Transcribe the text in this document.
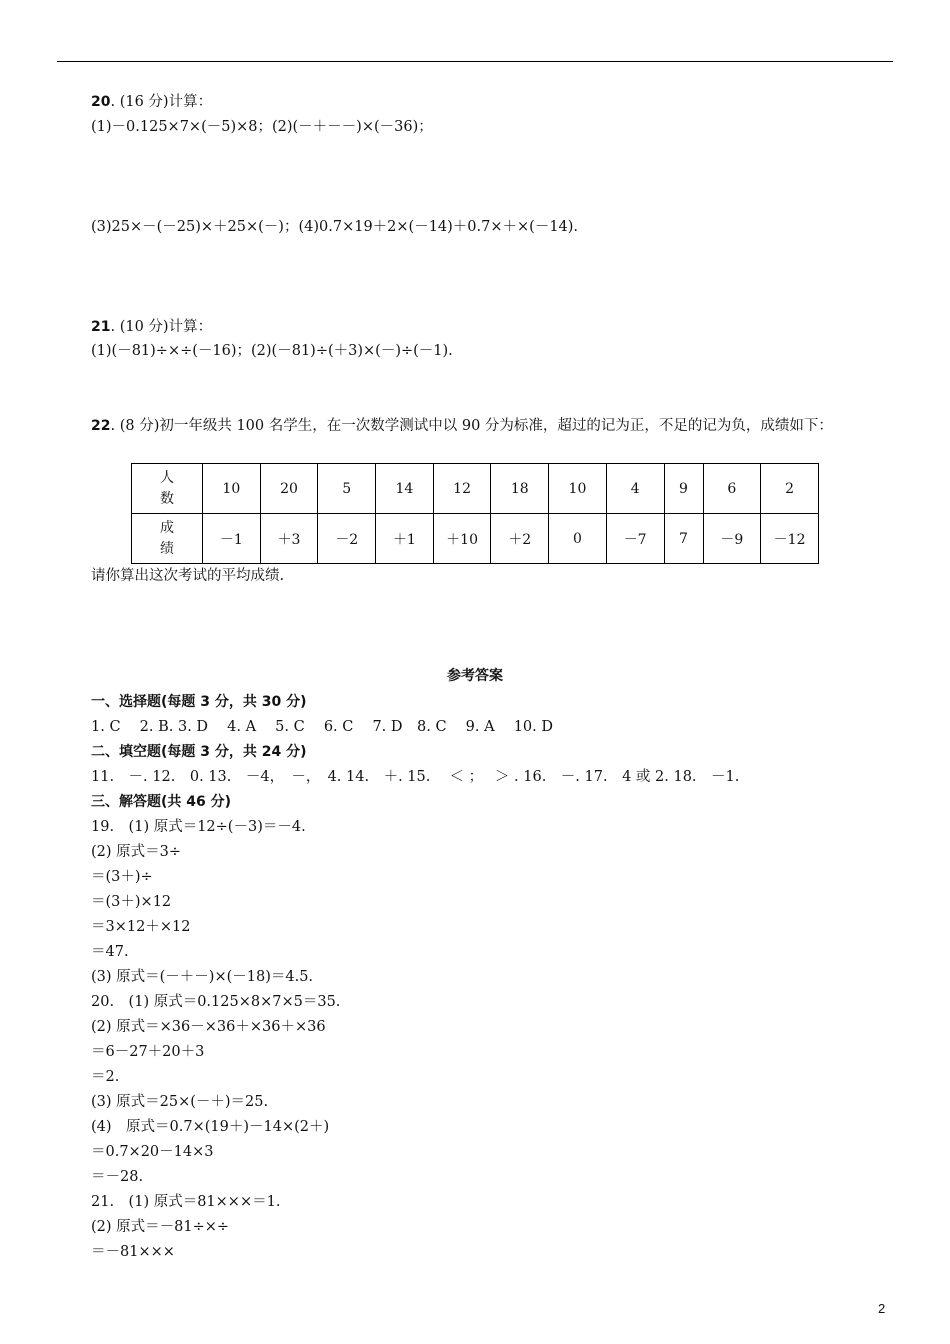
20. (16 分)计算：
(1)－0.125×7×(－5)×8；(2)(－＋－－)×(－36)；
(3)25×－(－25)×＋25×(－)；(4)0.7×19＋2×(－14)＋0.7×＋×(－14).
21. (10 分)计算：
(1)(－81)÷×÷(－16)；(2)(－81)÷(＋3)×(－)÷(－1).
22. (8 分)初一年级共 100 名学生，在一次数学测试中以 90 分为标准，超过的记为正，不足的记为负，成绩如下：
人
数	10	20	5	14	12	18	10	4	9	6	2
成
绩	－1	＋3	－2	＋1	＋10	＋2	0	－7	7	－9	－12
请你算出这次考试的平均成绩.
参考答案
一、选择题(每题 3 分，共 30 分)
1. C　 2. B. 3. D　 4. A　 5. C　 6. C　 7. D　8. C　 9. A　 10. D
二、填空题(每题 3 分，共 24 分)
11.　－. 12.　0. 13.　－4，　－，　4. 14.　＋. 15.　 ＜ ；　 ＞ . 16.　－. 17.　4 或 2. 18.　－1.
三、解答题(共 46 分)
19.　(1) 原式＝12÷(－3)＝－4.
(2) 原式＝3÷
＝(3＋)÷
＝(3＋)×12
＝3×12＋×12
＝47.
(3) 原式＝(－＋－)×(－18)＝4.5.
20.　(1) 原式＝0.125×8×7×5＝35.
(2) 原式＝×36－×36＋×36＋×36
＝6－27＋20＋3
＝2.
(3) 原式＝25×(－＋)＝25.
(4)　原式＝0.7×(19＋)－14×(2＋)
＝0.7×20－14×3
＝－28.
21.　(1) 原式＝81×××＝1.
(2) 原式＝－81÷×÷
＝－81×××
2
